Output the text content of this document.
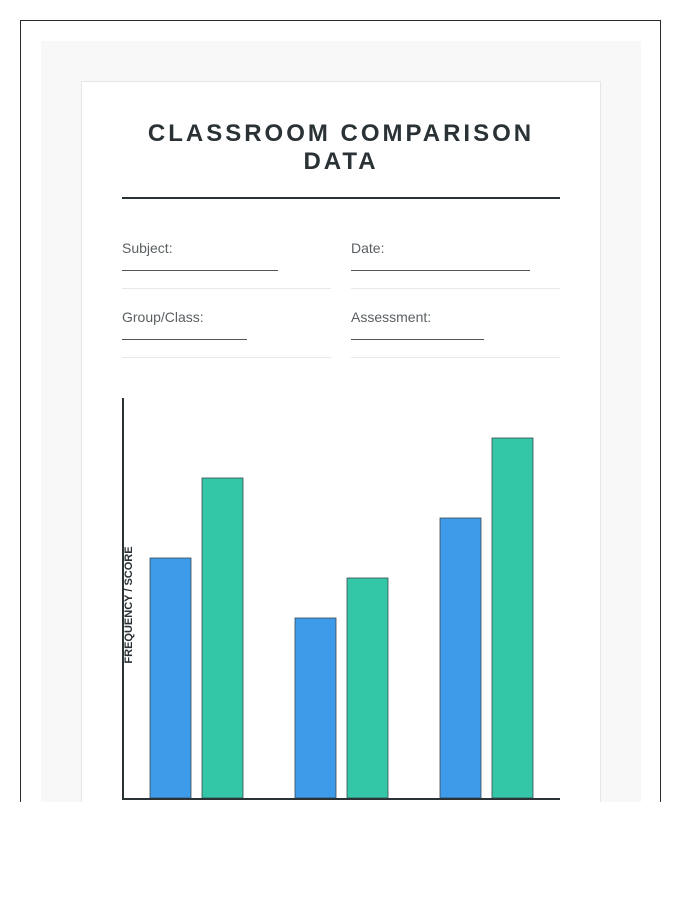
CLASSROOM COMPARISON DATA
Subject:	Date:
Group/Class:	Assessment:
FREQUENCY / SCORE
